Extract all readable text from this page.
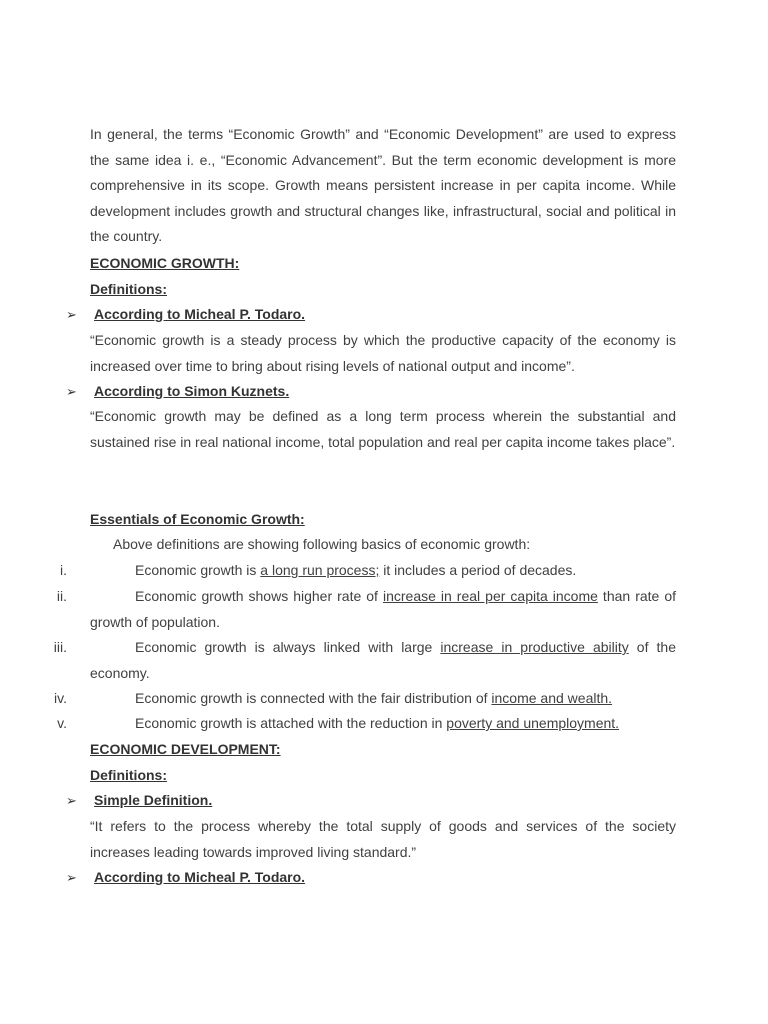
In general, the terms “Economic Growth” and “Economic Development” are used to express the same idea i. e., “Economic Advancement”. But the term economic development is more comprehensive in its scope. Growth means persistent increase in per capita income. While development includes growth and structural changes like, infrastructural, social and political in the country.

ECONOMIC GROWTH:
Definitions:
➢ According to Micheal P. Todaro.

“Economic growth is a steady process by which the productive capacity of the economy is increased over time to bring about rising levels of national output and income”.

➢ According to Simon Kuznets.

“Economic growth may be defined as a long term process wherein the substantial and sustained rise in real national income, total population and real per capita income takes place”.

Essentials of Economic Growth:
Above definitions are showing following basics of economic growth:
i.	Economic growth is a long run process; it includes a period of decades.

ii.	Economic growth shows higher rate of increase in real per capita income than rate of growth of population.

iii.	Economic growth is always linked with large increase in productive ability of the economy.

iv.	Economic growth is connected with the fair distribution of income and wealth.

v.	Economic growth is attached with the reduction in poverty and unemployment.

ECONOMIC DEVELOPMENT:
Definitions:
➢ Simple Definition.

“It refers to the process whereby the total supply of goods and services of the society increases leading towards improved living standard.”

➢ According to Micheal P. Todaro.
